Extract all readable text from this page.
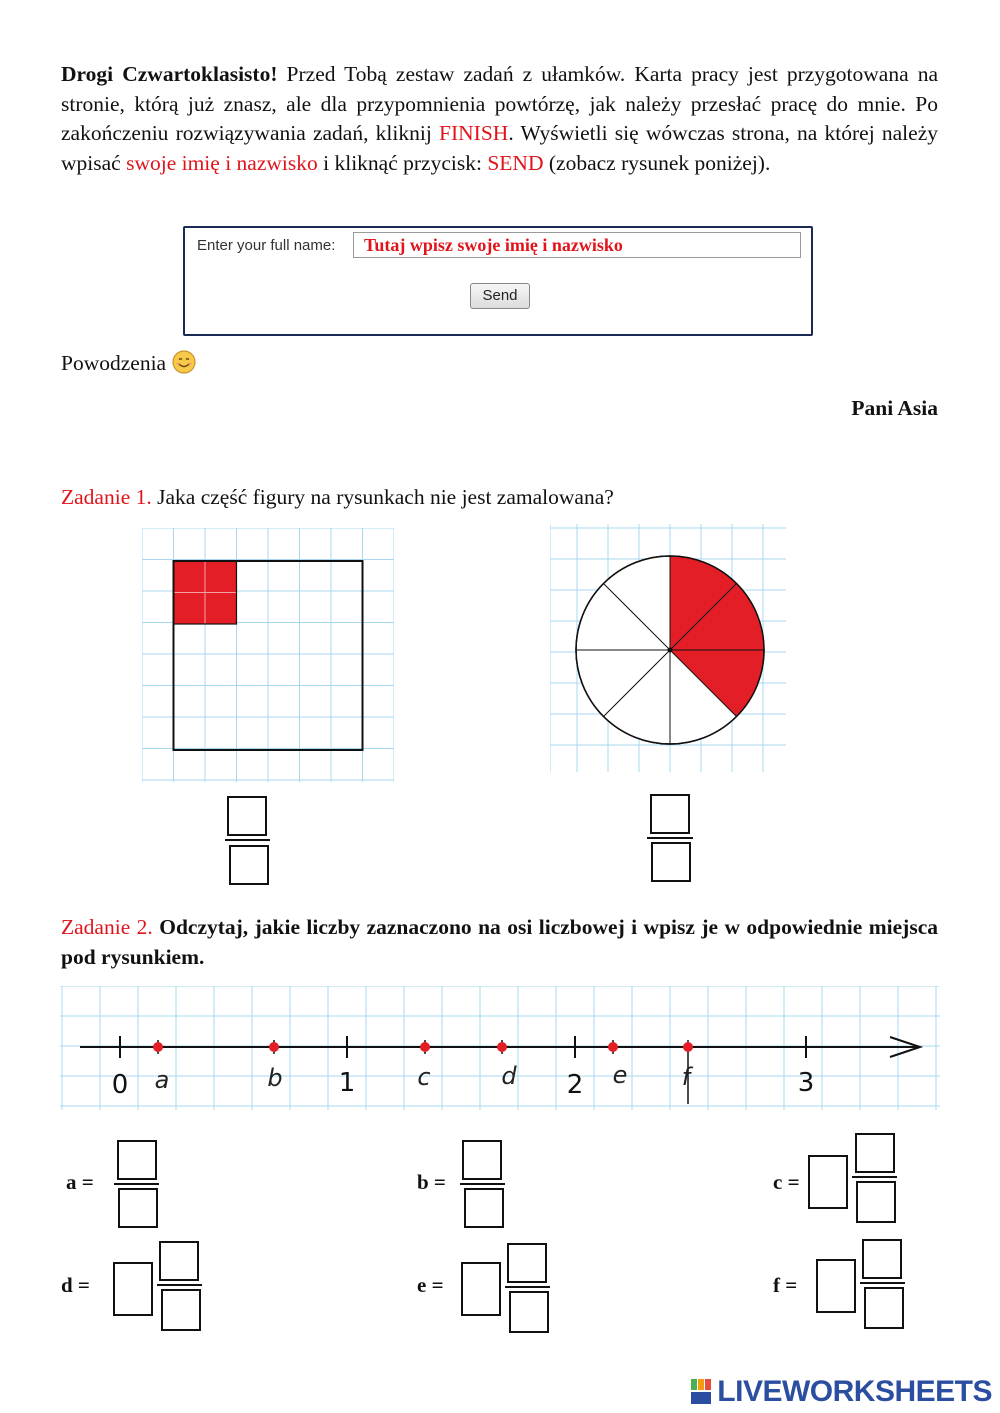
Drogi Czwartoklasisto! Przed Tobą zestaw zadań z ułamków. Karta pracy jest przygotowana na stronie, którą już znasz, ale dla przypomnienia powtórzę, jak należy przesłać pracę do mnie. Po zakończeniu rozwiązywania zadań, kliknij FINISH. Wyświetli się wówczas strona, na której należy wpisać swoje imię i nazwisko i kliknąć przycisk: SEND (zobacz rysunek poniżej).

Enter your full name:	Tutaj wpisz swoje imię i nazwisko
Send
Powodzenia
Pani Asia

Zadanie 1. Jaka część figury na rysunkach nie jest zamalowana?

Zadanie 2. Odczytaj, jakie liczby zaznaczono na osi liczbowej i wpisz je w odpowiednie miejsca pod rysunkiem.

0	1	2	3
a	b	c	d	e f
a =	b =	c =
d =	e =	f =
LIVEWORKSHEETS
